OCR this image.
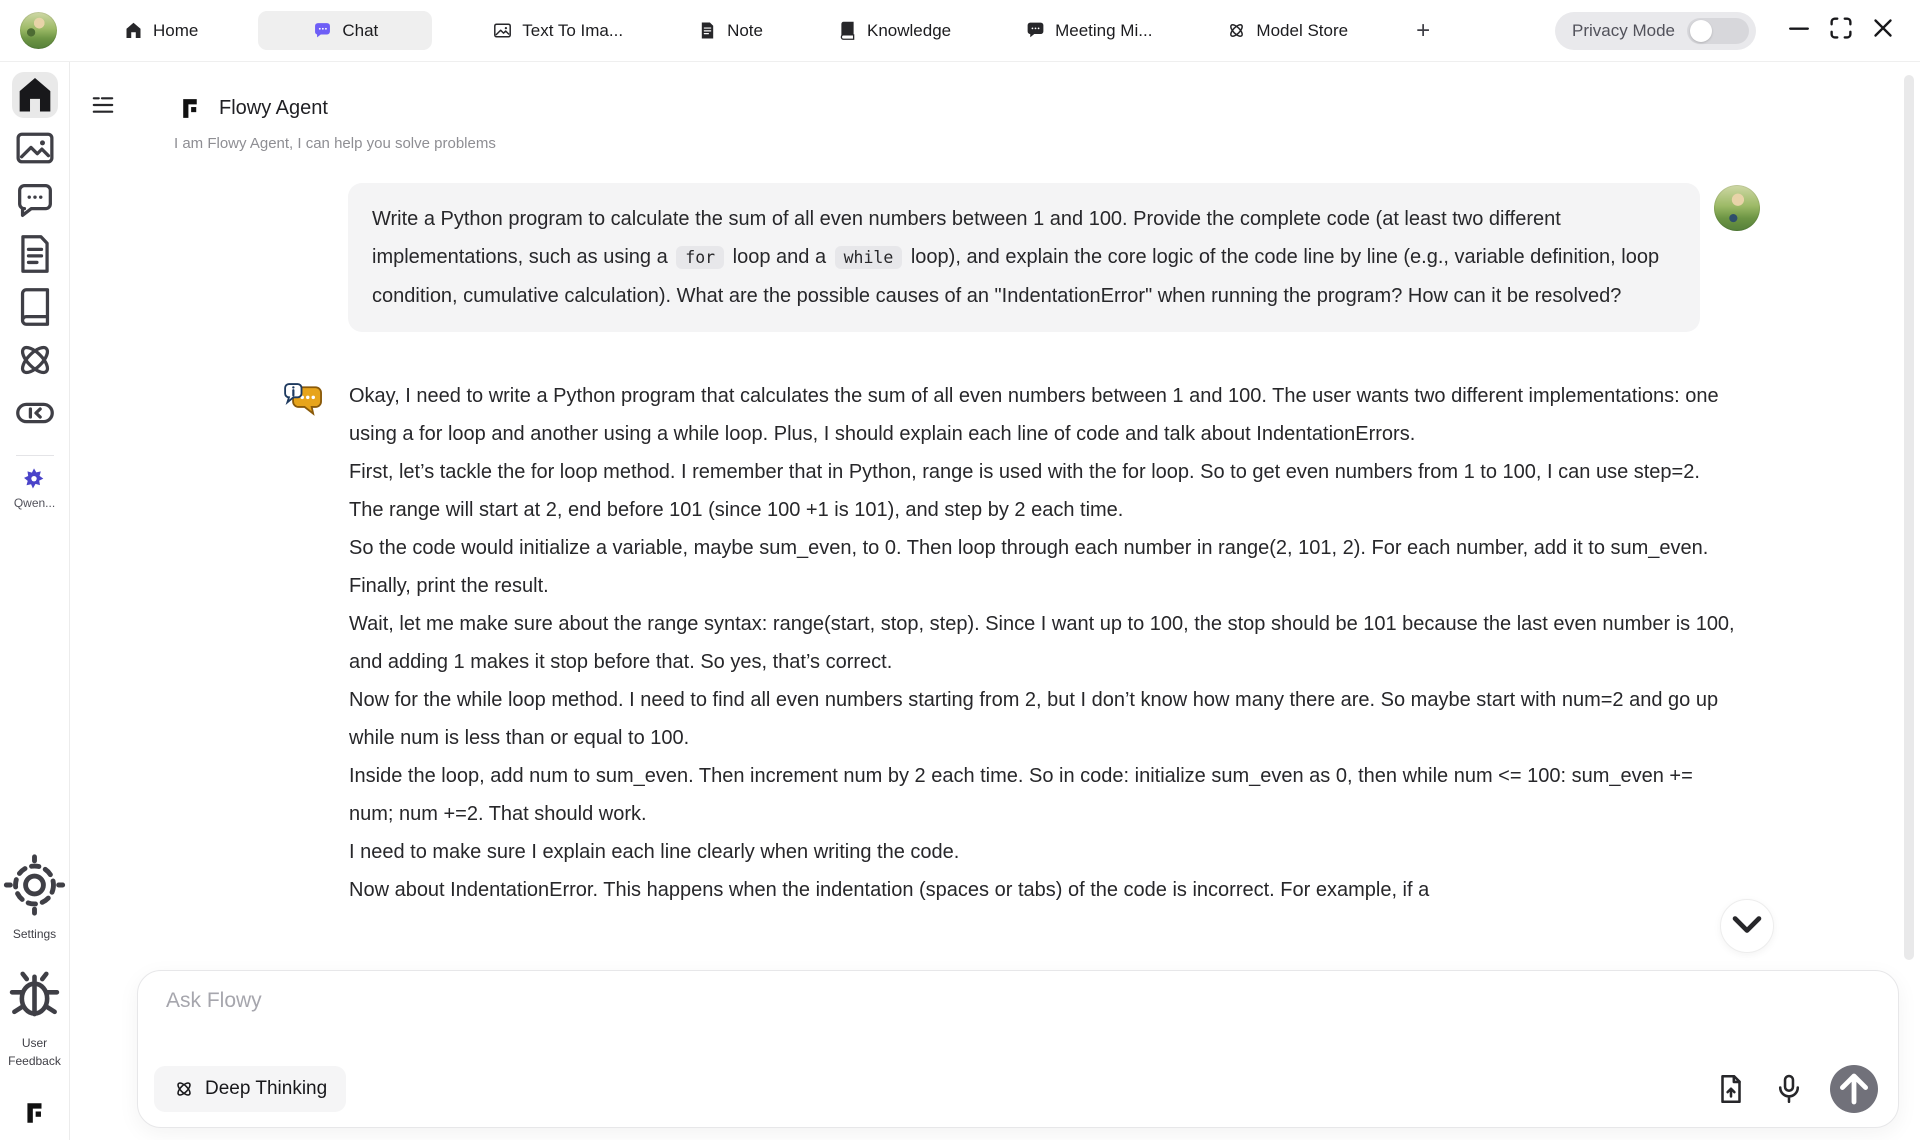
Home	Chat	Text To Ima...	Note	Knowledge	Meeting Mi...	Model Store	+	Privacy Mode
Qwen...
Settings
User Feedback
Flowy Agent
I am Flowy Agent, I can help you solve problems
Write a Python program to calculate the sum of all even numbers between 1 and 100. Provide the complete code (at least two different implementations, such as using a for loop and a while loop), and explain the core logic of the code line by line (e.g., variable definition, loop condition, cumulative calculation). What are the possible causes of an "IndentationError" when running the program? How can it be resolved?
Okay, I need to write a Python program that calculates the sum of all even numbers between 1 and 100. The user wants two different implementations: one using a for loop and another using a while loop. Plus, I should explain each line of code and talk about IndentationErrors.
First, let’s tackle the for loop method. I remember that in Python, range is used with the for loop. So to get even numbers from 1 to 100, I can use step=2. The range will start at 2, end before 101 (since 100 +1 is 101), and step by 2 each time.
So the code would initialize a variable, maybe sum_even, to 0. Then loop through each number in range(2, 101, 2). For each number, add it to sum_even. Finally, print the result.
Wait, let me make sure about the range syntax: range(start, stop, step). Since I want up to 100, the stop should be 101 because the last even number is 100, and adding 1 makes it stop before that. So yes, that’s correct.
Now for the while loop method. I need to find all even numbers starting from 2, but I don’t know how many there are. So maybe start with num=2 and go up while num is less than or equal to 100.
Inside the loop, add num to sum_even. Then increment num by 2 each time. So in code: initialize sum_even as 0, then while num <= 100: sum_even += num; num +=2. That should work.
I need to make sure I explain each line clearly when writing the code.
Now about IndentationError. This happens when the indentation (spaces or tabs) of the code is incorrect. For example, if a
Ask Flowy
Deep Thinking
